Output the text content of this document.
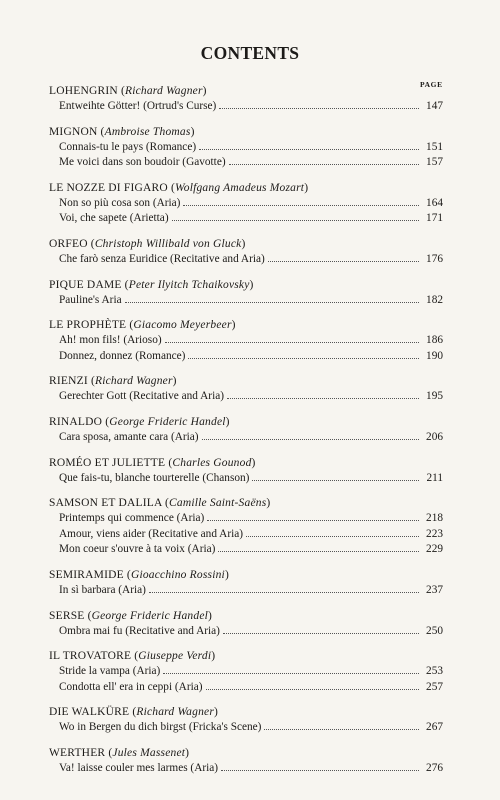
CONTENTS
PAGE
LOHENGRIN (Richard Wagner)
Entweihte Götter! (Ortrud's Curse)	147
MIGNON (Ambroise Thomas)
Connais-tu le pays (Romance)	151
Me voici dans son boudoir (Gavotte)	157
LE NOZZE DI FIGARO (Wolfgang Amadeus Mozart)
Non so più cosa son (Aria)	164
Voi, che sapete (Arietta)	171
ORFEO (Christoph Willibald von Gluck)
Che farò senza Euridice (Recitative and Aria)	176
PIQUE DAME (Peter Ilyitch Tchaikovsky)
Pauline's Aria	182
LE PROPHÈTE (Giacomo Meyerbeer)
Ah! mon fils! (Arioso)	186
Donnez, donnez (Romance)	190
RIENZI (Richard Wagner)
Gerechter Gott (Recitative and Aria)	195
RINALDO (George Frideric Handel)
Cara sposa, amante cara (Aria)	206
ROMÉO ET JULIETTE (Charles Gounod)
Que fais-tu, blanche tourterelle (Chanson)	211
SAMSON ET DALILA (Camille Saint-Saëns)
Printemps qui commence (Aria)	218
Amour, viens aider (Recitative and Aria)	223
Mon coeur s'ouvre à ta voix (Aria)	229
SEMIRAMIDE (Gioacchino Rossini)
In sì barbara (Aria)	237
SERSE (George Frideric Handel)
Ombra mai fu (Recitative and Aria)	250
IL TROVATORE (Giuseppe Verdi)
Stride la vampa (Aria)	253
Condotta ell' era in ceppi (Aria)	257
DIE WALKÜRE (Richard Wagner)
Wo in Bergen du dich birgst (Fricka's Scene)	267
WERTHER (Jules Massenet)
Va! laisse couler mes larmes (Aria)	276
